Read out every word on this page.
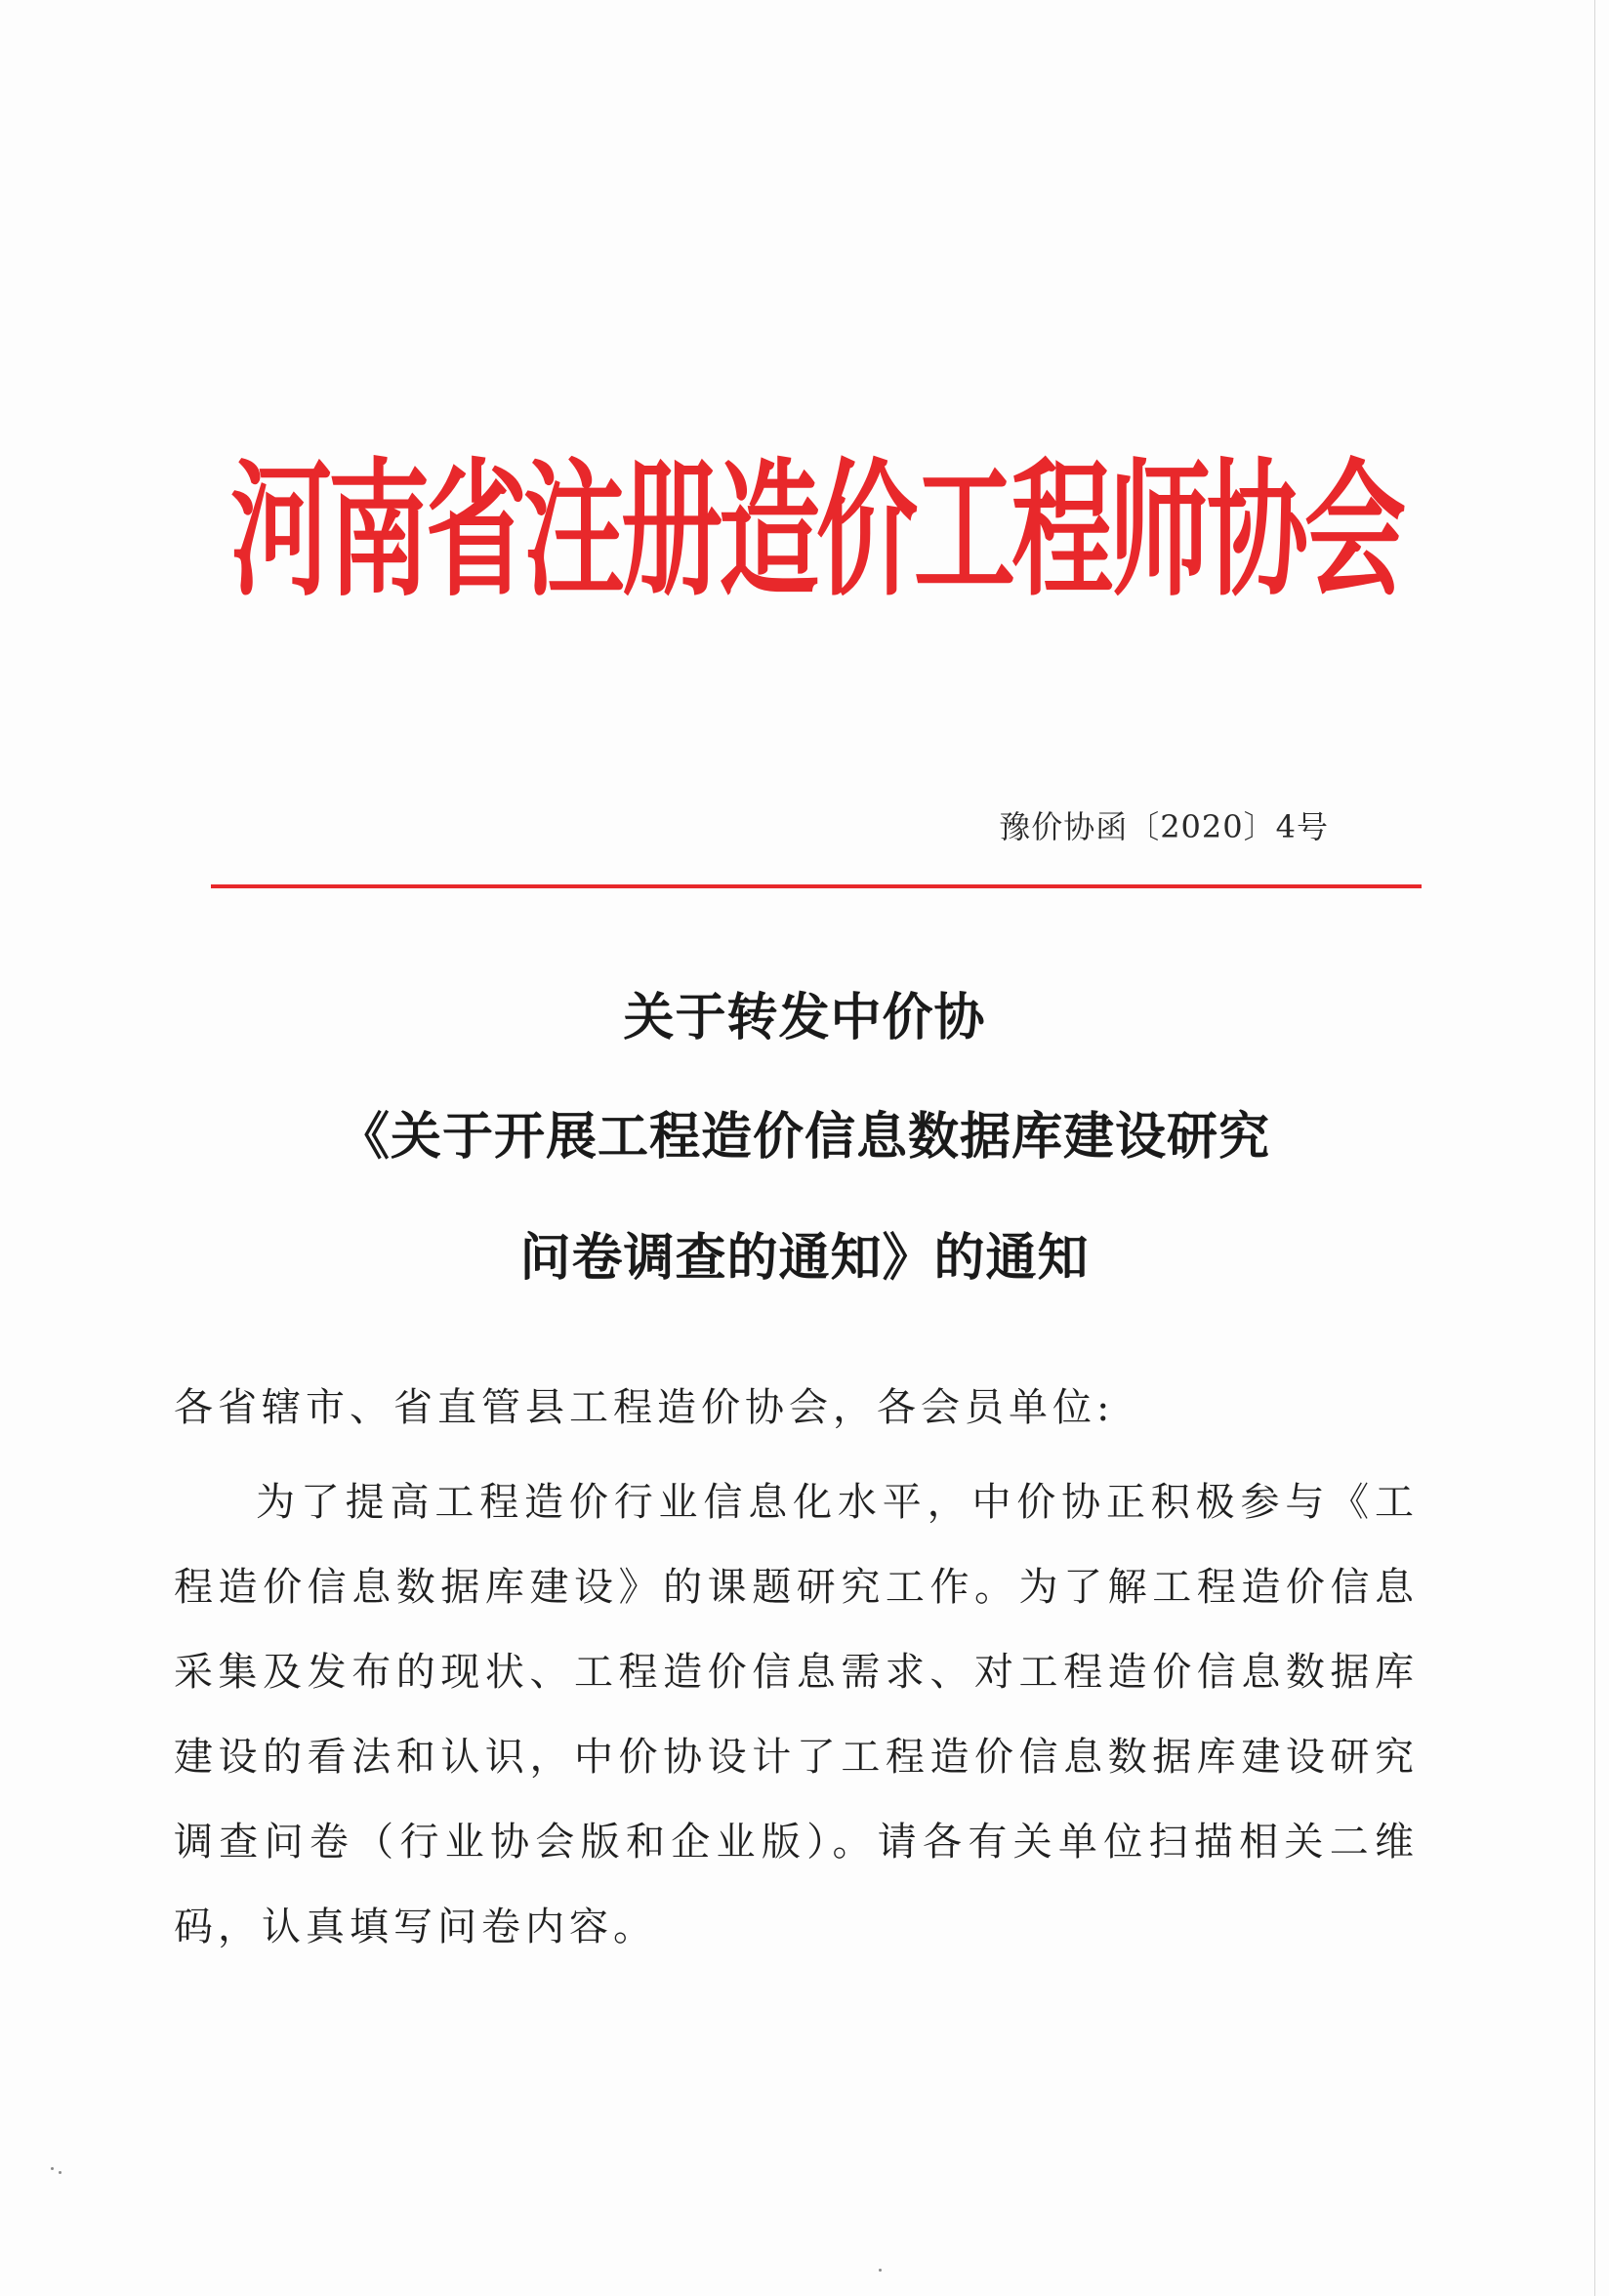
河南省注册造价工程师协会
豫价协函〔2020〕4号
关于转发中价协
《关于开展工程造价信息数据库建设研究
问卷调查的通知》的通知
各省辖市、省直管县工程造价协会，各会员单位:
为了提高工程造价行业信息化水平，中价协正积极参与《工程造价信息数据库建设》的课题研究工作。为了解工程造价信息采集及发布的现状、工程造价信息需求、对工程造价信息数据库建设的看法和认识，中价协设计了工程造价信息数据库建设研究调查问卷（行业协会版和企业版）。请各有关单位扫描相关二维码，认真填写问卷内容。
